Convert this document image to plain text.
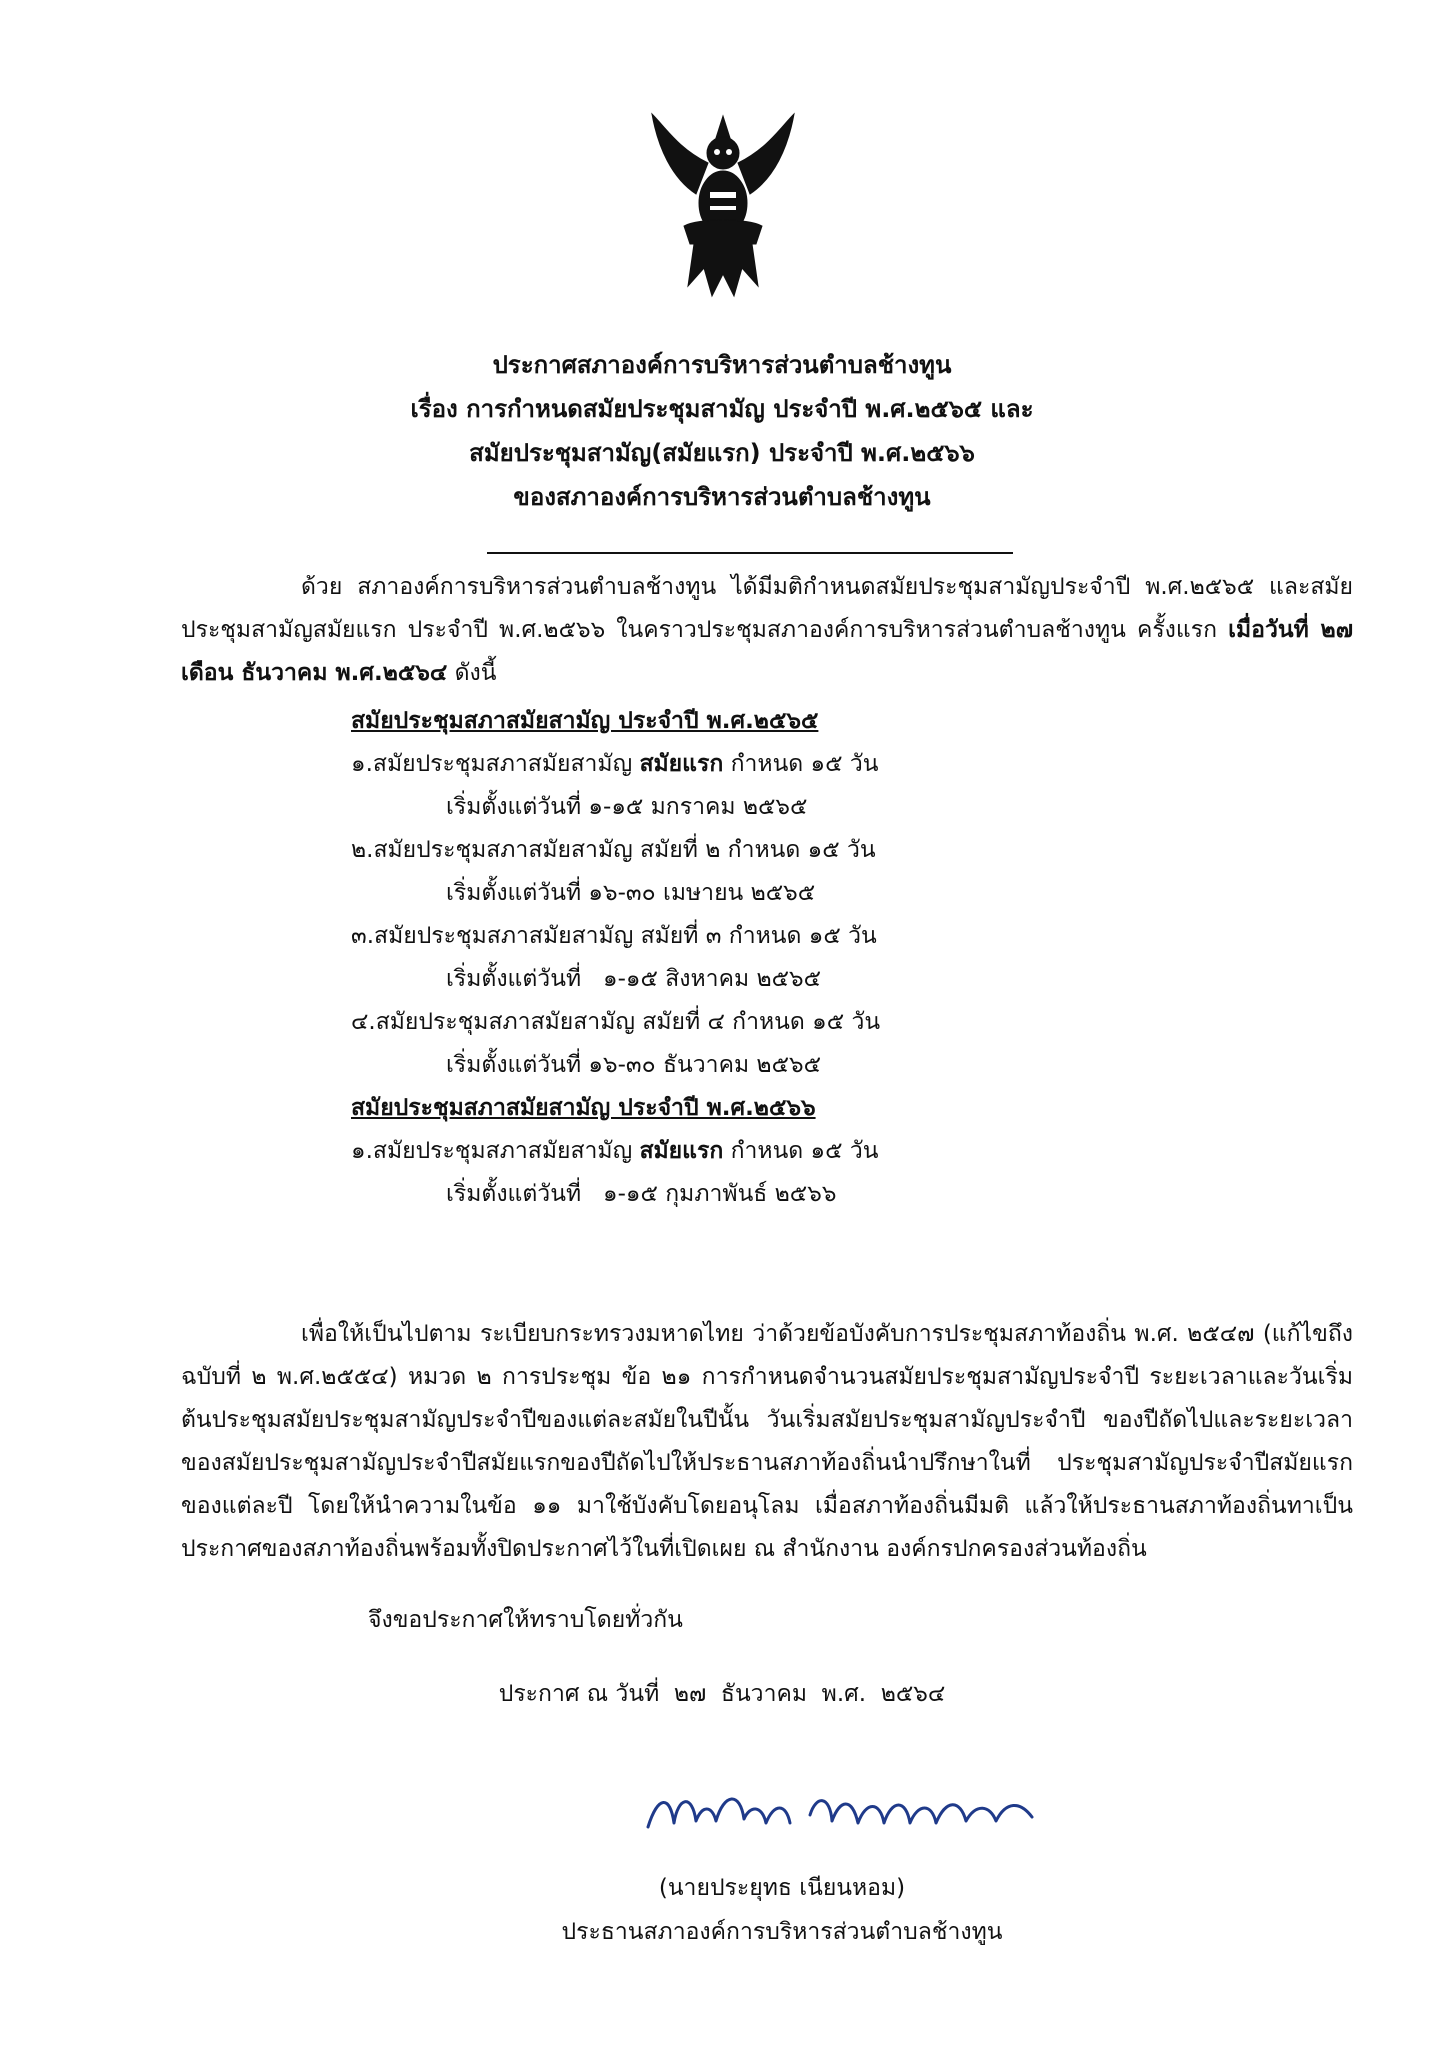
ประกาศสภาองค์การบริหารส่วนตำบลช้างทูน
เรื่อง การกำหนดสมัยประชุมสามัญ ประจำปี พ.ศ.๒๕๖๕ และ
สมัยประชุมสามัญ(สมัยแรก) ประจำปี พ.ศ.๒๕๖๖
ของสภาองค์การบริหารส่วนตำบลช้างทูน

ด้วย สภาองค์การบริหารส่วนตำบลช้างทูน ได้มีมติกำหนดสมัยประชุมสามัญประจำปี พ.ศ.๒๕๖๕ และสมัยประชุมสามัญสมัยแรก ประจำปี พ.ศ.๒๕๖๖ ในคราวประชุมสภาองค์การบริหารส่วนตำบลช้างทูน ครั้งแรก เมื่อวันที่ ๒๗ เดือน ธันวาคม พ.ศ.๒๕๖๔ ดังนี้

สมัยประชุมสภาสมัยสามัญ ประจำปี พ.ศ.๒๕๖๕
๑.สมัยประชุมสภาสมัยสามัญ สมัยแรก กำหนด ๑๕ วัน
เริ่มตั้งแต่วันที่ ๑-๑๕ มกราคม ๒๕๖๕
๒.สมัยประชุมสภาสมัยสามัญ สมัยที่ ๒ กำหนด ๑๕ วัน
เริ่มตั้งแต่วันที่ ๑๖-๓๐ เมษายน ๒๕๖๕
๓.สมัยประชุมสภาสมัยสามัญ สมัยที่ ๓ กำหนด ๑๕ วัน
เริ่มตั้งแต่วันที่   ๑-๑๕ สิงหาคม ๒๕๖๕
๔.สมัยประชุมสภาสมัยสามัญ สมัยที่ ๔ กำหนด ๑๕ วัน
เริ่มตั้งแต่วันที่ ๑๖-๓๐ ธันวาคม ๒๕๖๕
สมัยประชุมสภาสมัยสามัญ ประจำปี พ.ศ.๒๕๖๖
๑.สมัยประชุมสภาสมัยสามัญ สมัยแรก กำหนด ๑๕ วัน
เริ่มตั้งแต่วันที่   ๑-๑๕ กุมภาพันธ์ ๒๕๖๖

เพื่อให้เป็นไปตาม ระเบียบกระทรวงมหาดไทย ว่าด้วยข้อบังคับการประชุมสภาท้องถิ่น พ.ศ. ๒๕๔๗ (แก้ไขถึงฉบับที่ ๒ พ.ศ.๒๕๕๔) หมวด ๒ การประชุม ข้อ ๒๑ การกำหนดจำนวนสมัยประชุมสามัญประจำปี ระยะเวลาและวันเริ่มต้นประชุมสมัยประชุมสามัญประจำปีของแต่ละสมัยในปีนั้น วันเริ่มสมัยประชุมสามัญประจำปี ของปีถัดไปและระยะเวลาของสมัยประชุมสามัญประจำปีสมัยแรกของปีถัดไปให้ประธานสภาท้องถิ่นนำปรึกษาในที่ ประชุมสามัญประจำปีสมัยแรกของแต่ละปี โดยให้นำความในข้อ ๑๑ มาใช้บังคับโดยอนุโลม เมื่อสภาท้องถิ่นมีมติ แล้วให้ประธานสภาท้องถิ่นทาเป็นประกาศของสภาท้องถิ่นพร้อมทั้งปิดประกาศไว้ในที่เปิดเผย ณ สำนักงาน องค์กรปกครองส่วนท้องถิ่น

จึงขอประกาศให้ทราบโดยทั่วกัน
ประกาศ ณ วันที่  ๒๗  ธันวาคม  พ.ศ.  ๒๕๖๔
(นายประยุทธ เนียนหอม)
ประธานสภาองค์การบริหารส่วนตำบลช้างทูน
